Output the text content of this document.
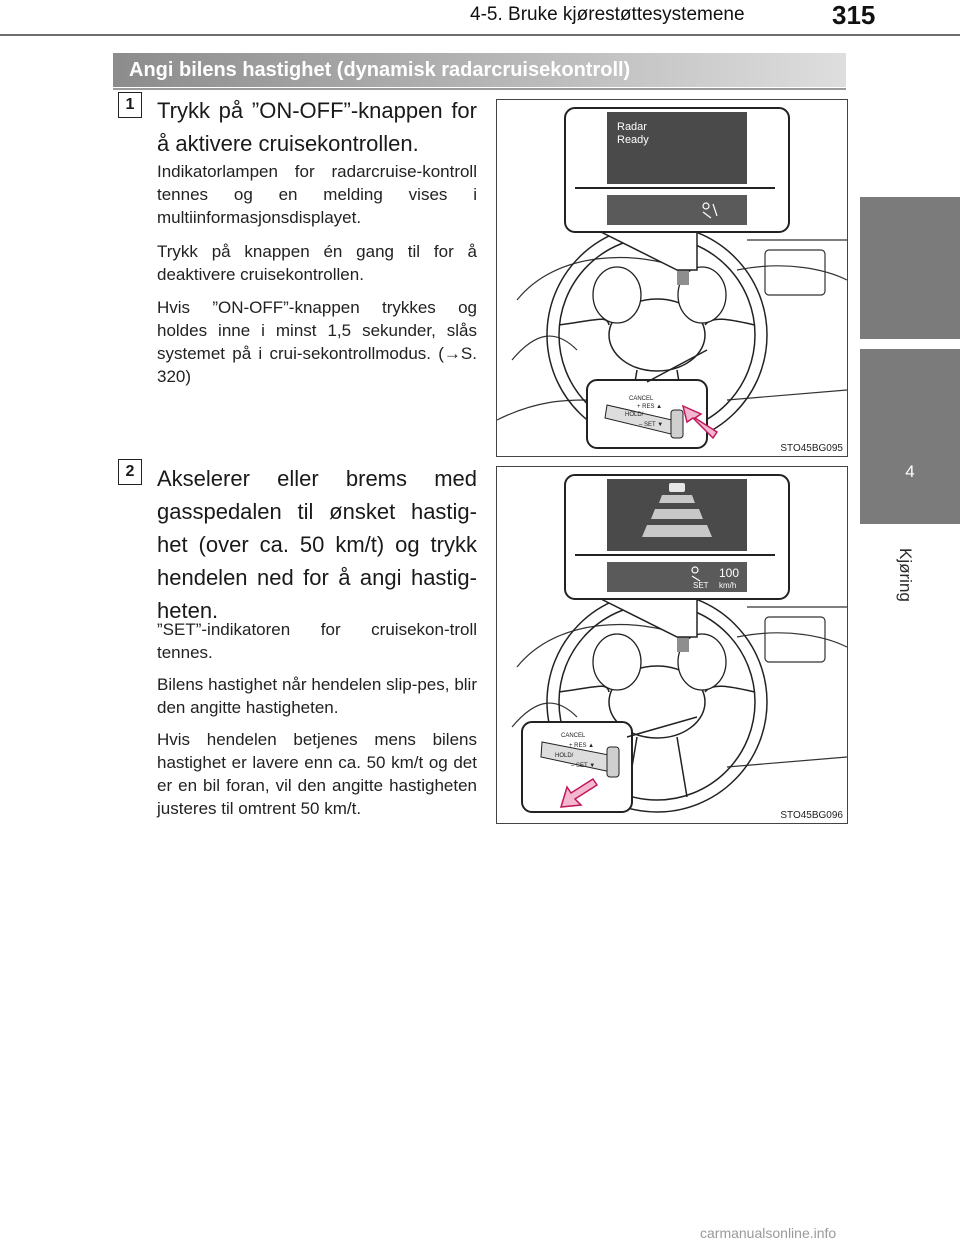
4-5. Bruke kjørestøttesystemene	315
4
Kjøring
Angi bilens hastighet (dynamisk radarcruisekontroll)
1	Trykk på ”ON-OFF”-knappen for å aktivere cruisekontrollen.
Indikatorlampen for radarcruise-kontroll tennes og en melding vises i multiinformasjonsdisplayet.
Trykk på knappen én gang til for å deaktivere cruisekontrollen.
Hvis ”ON-OFF”-knappen trykkes og holdes inne i minst 1,5 sekunder, slås systemet på i crui-sekontrollmodus. (→S. 320)
Radar
Ready
CANCEL
+ RES ▲
HOLD/
– SET ▼
STO45BG095
2	Akselerer eller brems med gasspedalen til ønsket hastig-het (over ca. 50 km/t) og trykk hendelen ned for å angi hastig-heten.
”SET”-indikatoren for cruisekon-troll tennes.
Bilens hastighet når hendelen slip-pes, blir den angitte hastigheten.
Hvis hendelen betjenes mens bilens hastighet er lavere enn ca. 50 km/t og det er en bil foran, vil den angitte hastigheten justeres til omtrent 50 km/t.
100
SET km/h
CANCEL
+ RES ▲
HOLD/
– SET ▼
STO45BG096
carmanualsonline.info
